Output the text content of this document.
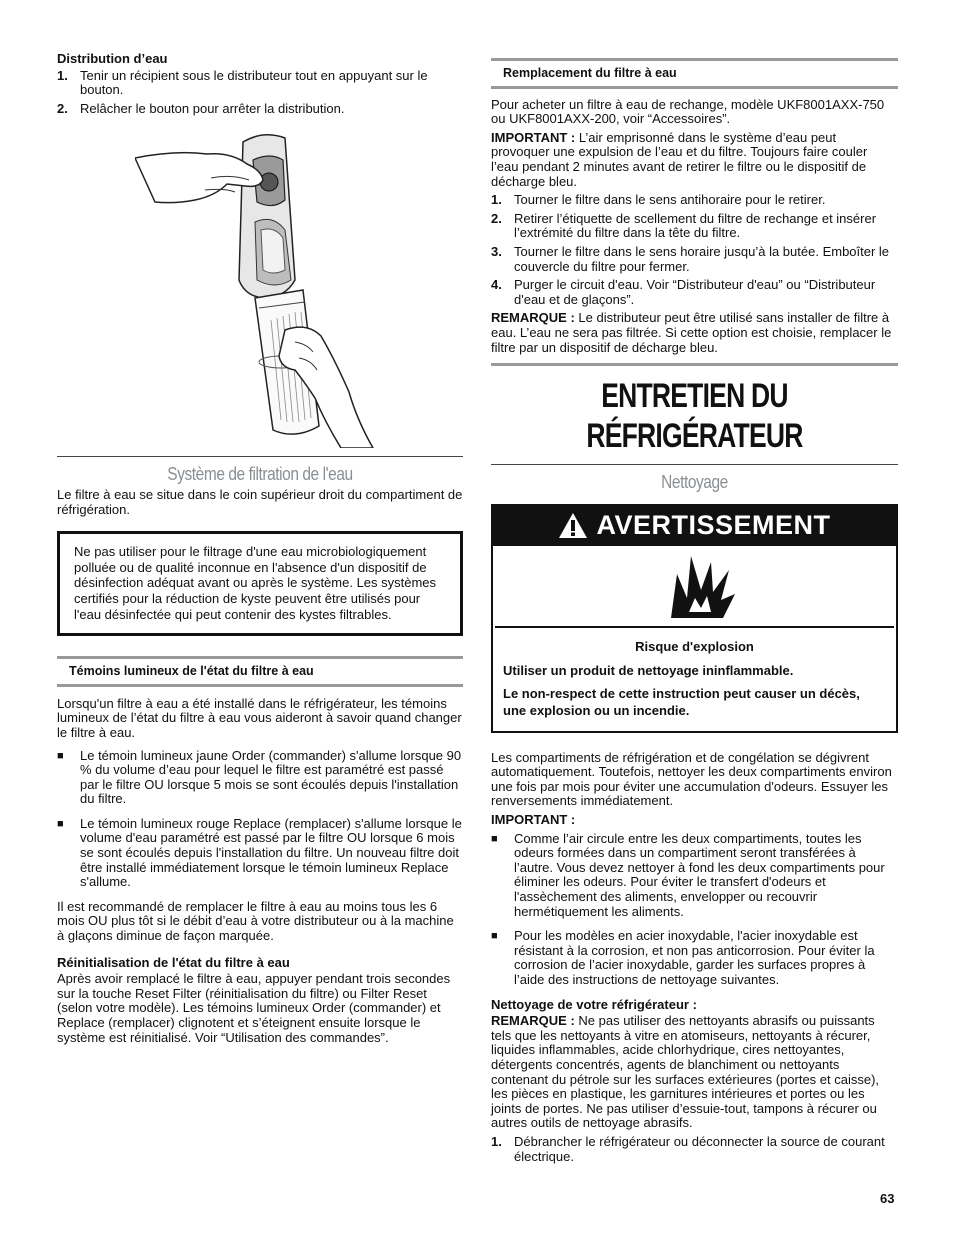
Distribution d’eau
1. Tenir un récipient sous le distributeur tout en appuyant sur le bouton.
2. Relâcher le bouton pour arrêter la distribution.
Système de filtration de l'eau

Le filtre à eau se situe dans le coin supérieur droit du compartiment de réfrigération.

Ne pas utiliser pour le filtrage d'une eau microbiologiquement polluée ou de qualité inconnue en l'absence d'un dispositif de désinfection adéquat avant ou après le système. Les systèmes certifiés pour la réduction de kyste peuvent être utilisés pour l'eau désinfectée qui peut contenir des kystes filtrables.
Témoins lumineux de l'état du filtre à eau

Lorsqu'un filtre à eau a été installé dans le réfrigérateur, les témoins lumineux de l’état du filtre à eau vous aideront à savoir quand changer le filtre à eau.

■	Le témoin lumineux jaune Order (commander) s'allume lorsque 90 % du volume d’eau pour lequel le filtre est paramétré est passé par le filtre OU lorsque 5 mois se sont écoulés depuis l'installation du filtre.
■	Le témoin lumineux rouge Replace (remplacer) s'allume lorsque le volume d'eau paramétré est passé par le filtre OU lorsque 6 mois se sont écoulés depuis l'installation du filtre. Un nouveau filtre doit être installé immédiatement lorsque le témoin lumineux Replace s'allume.

Il est recommandé de remplacer le filtre à eau au moins tous les 6 mois OU plus tôt si le débit d’eau à votre distributeur ou à la machine à glaçons diminue de façon marquée.

Réinitialisation de l'état du filtre à eau

Après avoir remplacé le filtre à eau, appuyer pendant trois secondes sur la touche Reset Filter (réinitialisation du filtre) ou Filter Reset (selon votre modèle). Les témoins lumineux Order (commander) et Replace (remplacer) clignotent et s’éteignent ensuite lorsque le système est réinitialisé. Voir “Utilisation des commandes”.

Remplacement du filtre à eau

Pour acheter un filtre à eau de rechange, modèle UKF8001AXX-750 ou UKF8001AXX-200, voir “Accessoires”.

IMPORTANT : L’air emprisonné dans le système d’eau peut provoquer une expulsion de l’eau et du filtre. Toujours faire couler l’eau pendant 2 minutes avant de retirer le filtre ou le dispositif de décharge bleu.

1. Tourner le filtre dans le sens antihoraire pour le retirer.
2. Retirer l’étiquette de scellement du filtre de rechange et insérer l’extrémité du filtre dans la tête du filtre.
3. Tourner le filtre dans le sens horaire jusqu’à la butée. Emboîter le couvercle du filtre pour fermer.
4. Purger le circuit d'eau. Voir “Distributeur d'eau” ou “Distributeur d'eau et de glaçons”.

REMARQUE : Le distributeur peut être utilisé sans installer de filtre à eau. L’eau ne sera pas filtrée. Si cette option est choisie, remplacer le filtre par un dispositif de décharge bleu.

ENTRETIEN DU RÉFRIGÉRATEUR
Nettoyage
AVERTISSEMENT
Risque d'explosion
Utiliser un produit de nettoyage ininflammable.
Le non-respect de cette instruction peut causer un décès, une explosion ou un incendie.

Les compartiments de réfrigération et de congélation se dégivrent automatiquement. Toutefois, nettoyer les deux compartiments environ une fois par mois pour éviter une accumulation d'odeurs. Essuyer les renversements immédiatement.

IMPORTANT :

■	Comme l’air circule entre les deux compartiments, toutes les odeurs formées dans un compartiment seront transférées à l’autre. Vous devez nettoyer à fond les deux compartiments pour éliminer les odeurs. Pour éviter le transfert d'odeurs et l'assèchement des aliments, envelopper ou recouvrir hermétiquement les aliments.
■	Pour les modèles en acier inoxydable, l'acier inoxydable est résistant à la corrosion, et non pas anticorrosion. Pour éviter la corrosion de l’acier inoxydable, garder les surfaces propres à l’aide des instructions de nettoyage suivantes.
Nettoyage de votre réfrigérateur :

REMARQUE : Ne pas utiliser des nettoyants abrasifs ou puissants tels que les nettoyants à vitre en atomiseurs, nettoyants à récurer, liquides inflammables, acide chlorhydrique, cires nettoyantes, détergents concentrés, agents de blanchiment ou nettoyants contenant du pétrole sur les surfaces extérieures (portes et caisse), les pièces en plastique, les garnitures intérieures et portes ou les joints de portes. Ne pas utiliser d’essuie-tout, tampons à récurer ou autres outils de nettoyage abrasifs.

1. Débrancher le réfrigérateur ou déconnecter la source de courant électrique.
63
